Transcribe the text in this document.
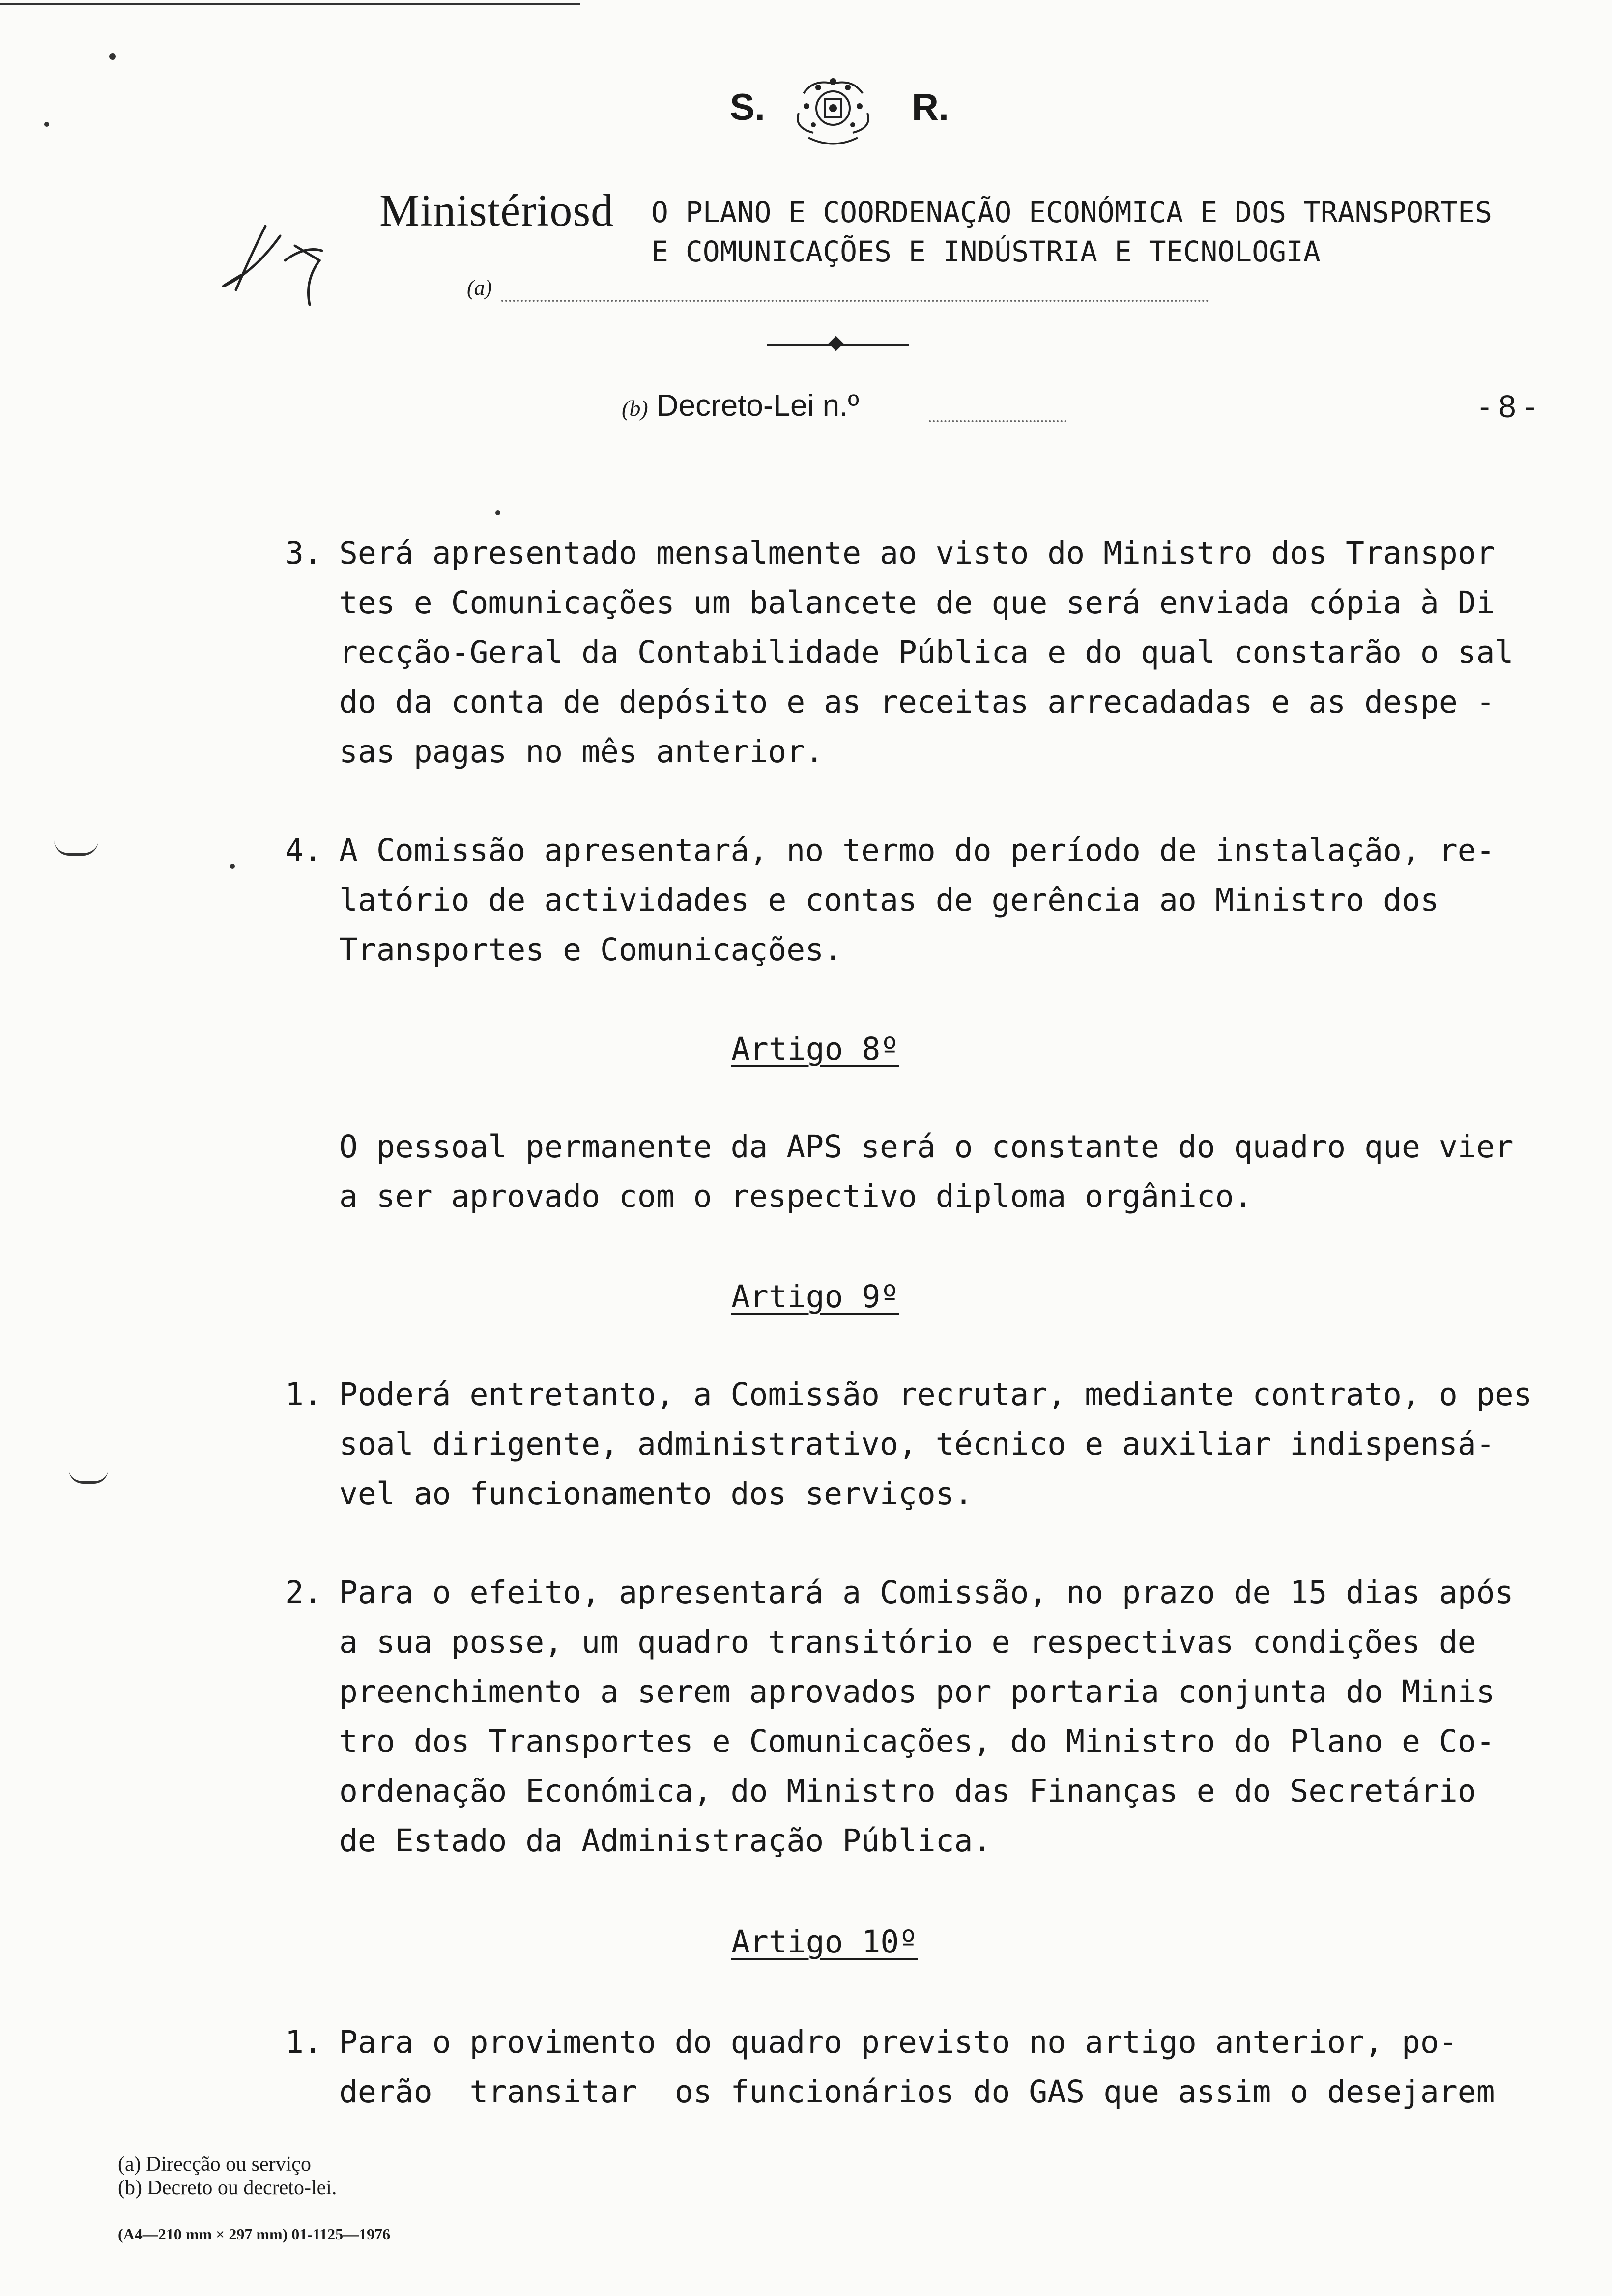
S.	R.
Ministériosd O PLANO E COORDENAÇÃO ECONÓMICA E DOS TRANSPORTES
E COMUNICAÇÕES E INDÚSTRIA E TECNOLOGIA
(a)
(b) Decreto-Lei n.º	- 8 -
3. Será apresentado mensalmente ao visto do Ministro dos Transpor
tes e Comunicações um balancete de que será enviada cópia à Di
recção-Geral da Contabilidade Pública e do qual constarão o sal
do da conta de depósito e as receitas arrecadadas e as despe -
sas pagas no mês anterior.
4. A Comissão apresentará, no termo do período de instalação, re-
latório de actividades e contas de gerência ao Ministro dos
Transportes e Comunicações.
Artigo 8º
O pessoal permanente da APS será o constante do quadro que vier
a ser aprovado com o respectivo diploma orgânico.
Artigo 9º
1. Poderá entretanto, a Comissão recrutar, mediante contrato, o pes
soal dirigente, administrativo, técnico e auxiliar indispensá-
vel ao funcionamento dos serviços.
2. Para o efeito, apresentará a Comissão, no prazo de 15 dias após
a sua posse, um quadro transitório e respectivas condições de
preenchimento a serem aprovados por portaria conjunta do Minis
tro dos Transportes e Comunicações, do Ministro do Plano e Co-
ordenação Económica, do Ministro das Finanças e do Secretário
de Estado da Administração Pública.
Artigo 10º
1. Para o provimento do quadro previsto no artigo anterior, po-
derão  transitar  os funcionários do GAS que assim o desejarem
(a) Direcção ou serviço
(b) Decreto ou decreto-lei.
(A4—210 mm × 297 mm) 01-1125—1976
